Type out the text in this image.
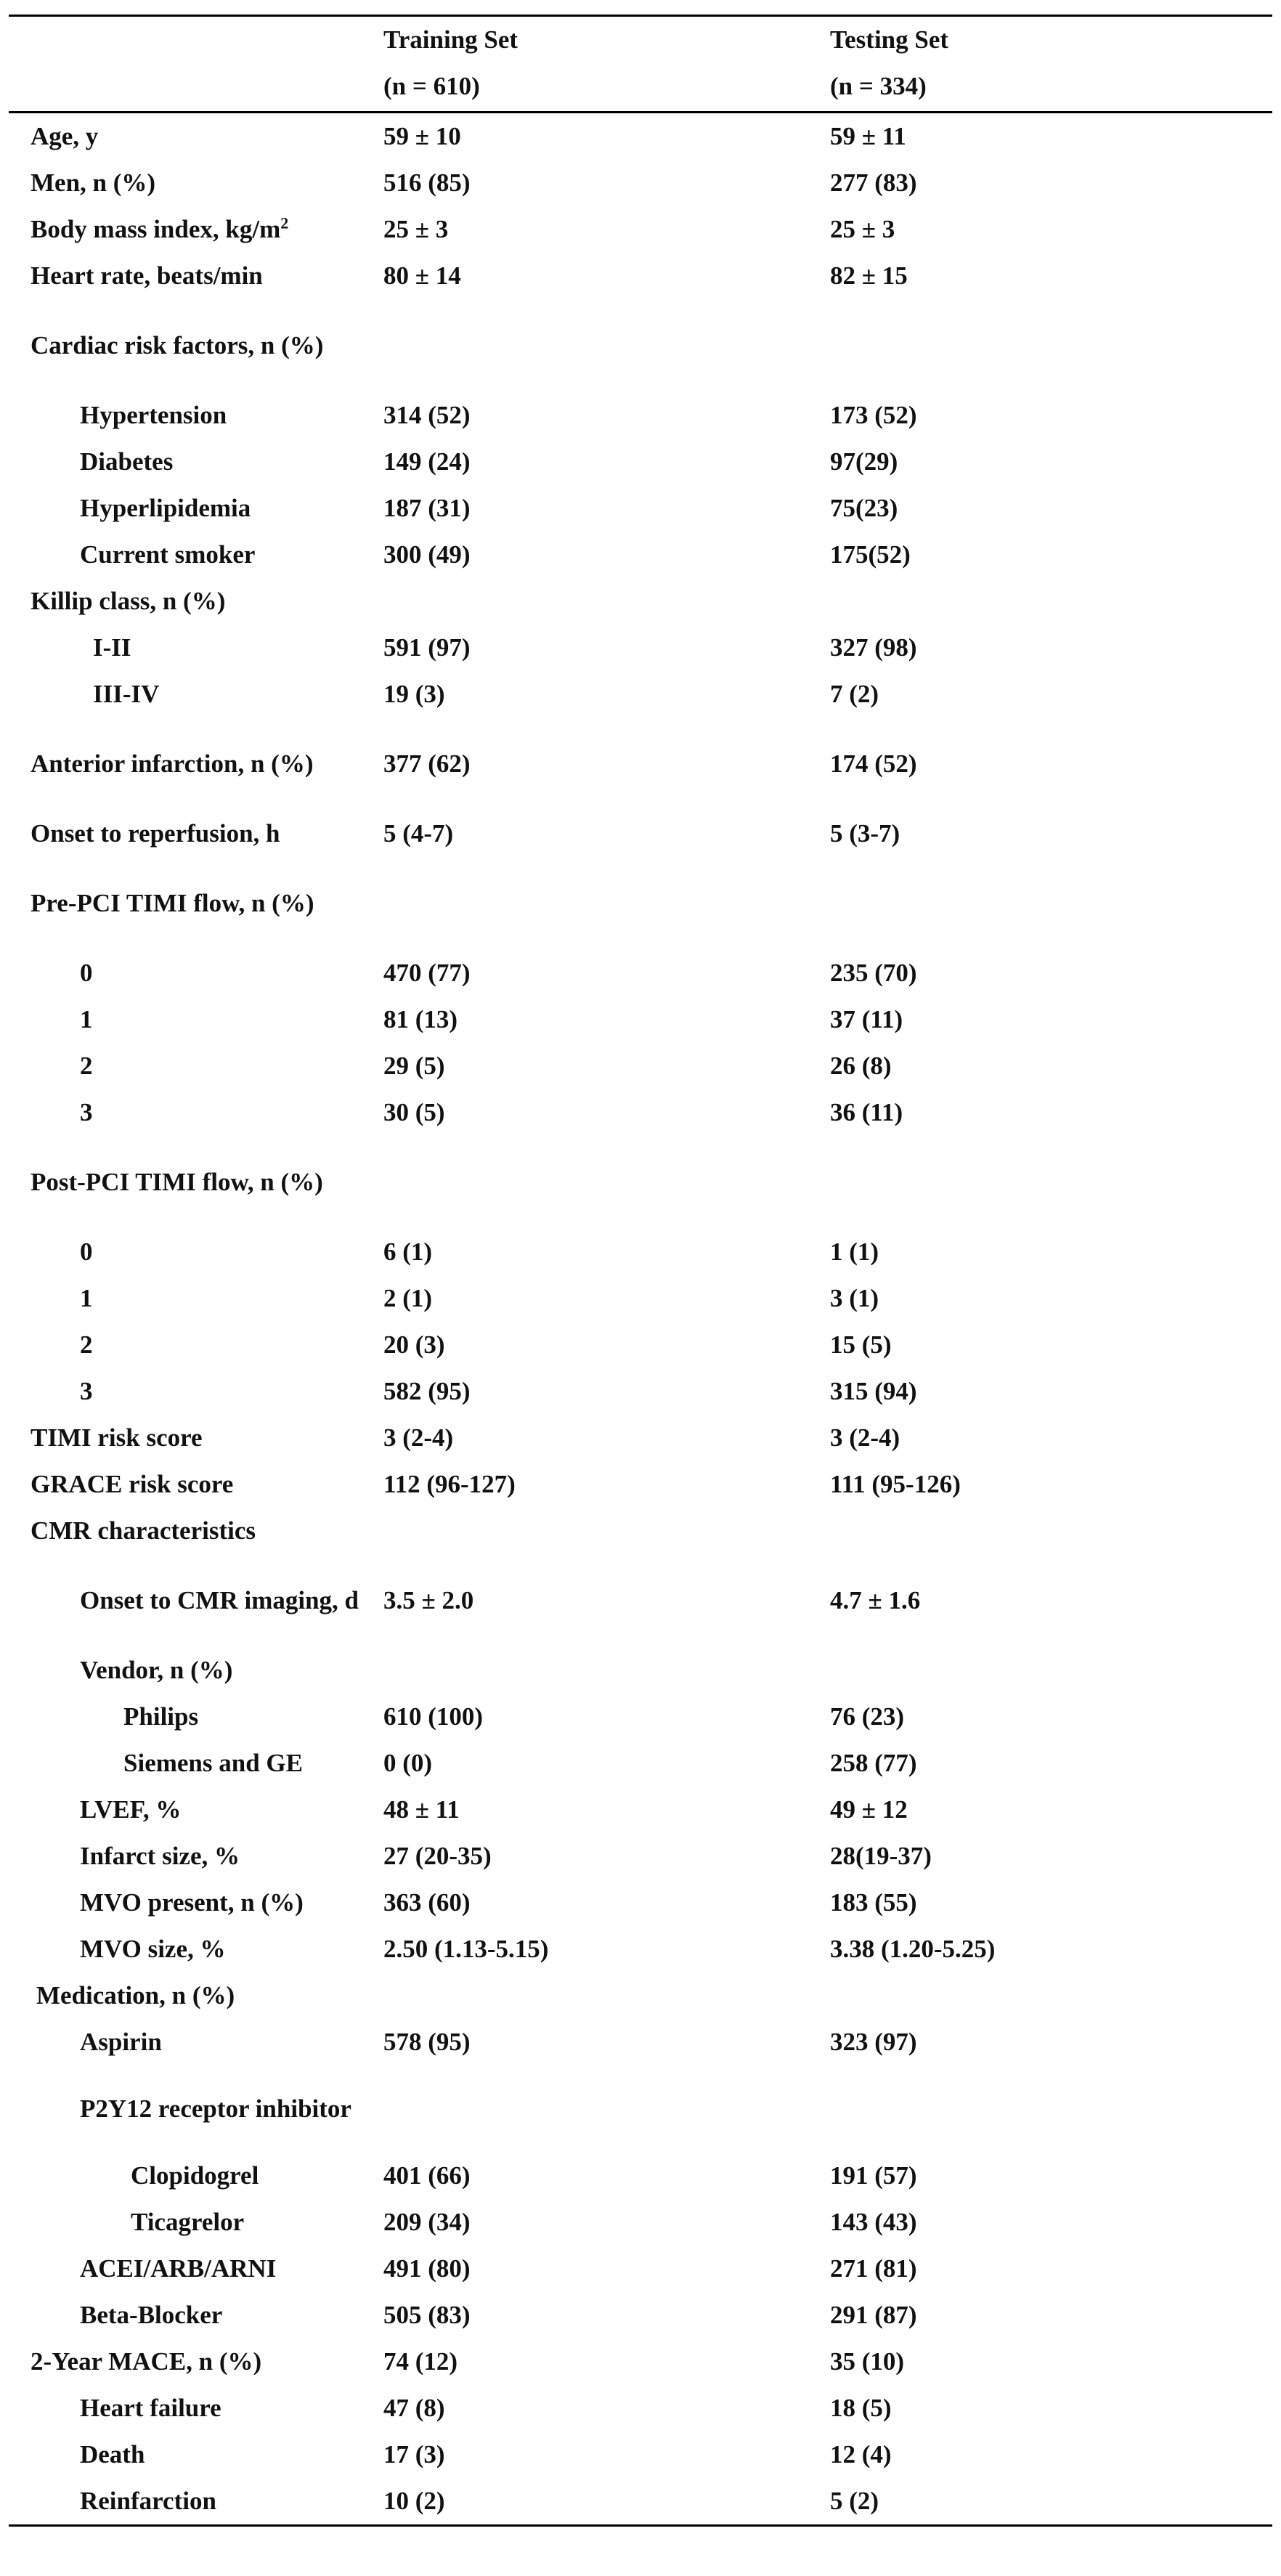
Training Set
(n = 610)
Testing Set
(n = 334)
Age, y	59 ± 10	59 ± 11
Men, n (%)	516 (85)	277 (83)
Body mass index, $kg/m^2$	25 ± 3	25 ± 3
Heart rate, beats/min	80 ± 14	82 ± 15
Cardiac risk factors, n (%)
Hypertension	314 (52)	173 (52)
Diabetes	149 (24)	97(29)
Hyperlipidemia	187 (31)	75(23)
Current smoker	300 (49)	175(52)
Killip class, n (%)
I-II	591 (97)	327 (98)
III-IV	19 (3)	7 (2)
Anterior infarction, n (%)	377 (62)	174 (52)
Onset to reperfusion, h	5 (4-7)	5 (3-7)
Pre-PCI TIMI flow, n (%)
0	470 (77)	235 (70)
1	81 (13)	37 (11)
2	29 (5)	26 (8)
3	30 (5)	36 (11)
Post-PCI TIMI flow, n (%)
0	6 (1)	1 (1)
1	2 (1)	3 (1)
2	20 (3)	15 (5)
3	582 (95)	315 (94)
TIMI risk score	3 (2-4)	3 (2-4)
GRACE risk score	112 (96-127)	111 (95-126)
CMR characteristics
Onset to CMR imaging, d 3.5 ± 2.0	4.7 ± 1.6
Vendor, n (%)
Philips	610 (100)	76 (23)
Siemens and GE	0 (0)	258 (77)
LVEF, %	48 ± 11	49 ± 12
Infarct size, %	27 (20-35)	28(19-37)
MVO present, n (%)	363 (60)	183 (55)
MVO size, %	2.50 (1.13-5.15)	3.38 (1.20-5.25)
Medication, n (%)
Aspirin	578 (95)	323 (97)
P2Y12 receptor inhibitor
Clopidogrel	401 (66)	191 (57)
Ticagrelor	209 (34)	143 (43)
ACEI/ARB/ARNI	491 (80)	271 (81)
Beta-Blocker	505 (83)	291 (87)
2-Year MACE, n (%)	74 (12)	35 (10)
Heart failure	47 (8)	18 (5)
Death	17 (3)	12 (4)
Reinfarction	10 (2)	5 (2)
